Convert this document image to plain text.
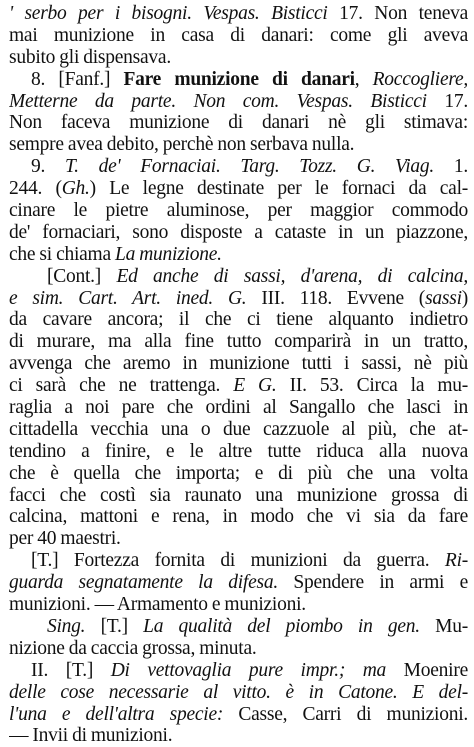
' serbo per i bisogni. Vespas. Bisticci 17. Non teneva
mai munizione in casa di danari: come gli aveva
subito gli dispensava.
8. [Fanf.] Fare munizione di danari, Roccogliere,
Metterne da parte. Non com. Vespas. Bisticci 17.
Non faceva munizione di danari nè gli stimava:
sempre avea debito, perchè non serbava nulla.
9. T. de' Fornaciai. Targ. Tozz. G. Viag. 1.
244. (Gh.) Le legne destinate per le fornaci da cal-
cinare le pietre aluminose, per maggior commodo
de' fornaciari, sono disposte a cataste in un piazzone,
che si chiama La munizione.
[Cont.] Ed anche di sassi, d'arena, di calcina,
e sim. Cart. Art. ined. G. III. 118. Evvene (sassi)
da cavare ancora; il che ci tiene alquanto indietro
di murare, ma alla fine tutto comparirà in un tratto,
avvenga che aremo in munizione tutti i sassi, nè più
ci sarà che ne trattenga. E G. II. 53. Circa la mu-
raglia a noi pare che ordini al Sangallo che lasci in
cittadella vecchia una o due cazzuole al più, che at-
tendino a finire, e le altre tutte riduca alla nuova
che è quella che importa; e di più che una volta
facci che costì sia raunato una munizione grossa di
calcina, mattoni e rena, in modo che vi sia da fare
per 40 maestri.
[T.] Fortezza fornita di munizioni da guerra. Ri-
guarda segnatamente la difesa. Spendere in armi e
munizioni. — Armamento e munizioni.
Sing. [T.] La qualità del piombo in gen. Mu-
nizione da caccia grossa, minuta.
II. [T.] Di vettovaglia pure impr.; ma Moenire
delle cose necessarie al vitto. è in Catone. E del-
l'una e dell'altra specie: Casse, Carri di munizioni.
— Invii di munizioni.
